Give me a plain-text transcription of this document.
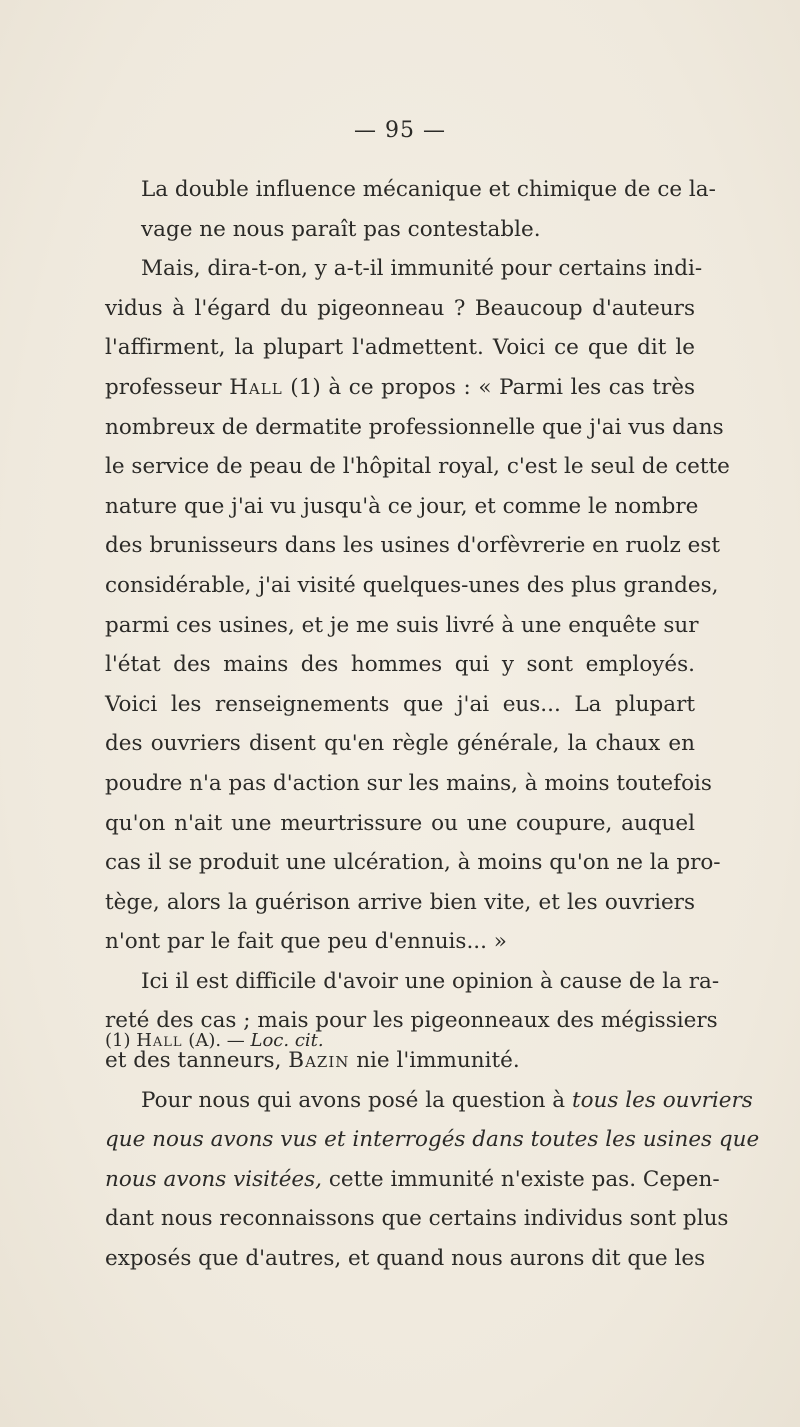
— 95 —

La double influence mécanique et chimique de ce la-
vage ne nous paraît pas contestable.

Mais, dira-t-on, y a-t-il immunité pour certains indi-
vidus à l'égard du pigeonneau ? Beaucoup d'auteurs
l'affirment, la plupart l'admettent. Voici ce que dit le
professeur Hall (1) à ce propos : « Parmi les cas très
nombreux de dermatite professionnelle que j'ai vus dans
le service de peau de l'hôpital royal, c'est le seul de cette
nature que j'ai vu jusqu'à ce jour, et comme le nombre
des brunisseurs dans les usines d'orfèvrerie en ruolz est
considérable, j'ai visité quelques-unes des plus grandes,
parmi ces usines, et je me suis livré à une enquête sur
l'état des mains des hommes qui y sont employés.
Voici les renseignements que j'ai eus... La plupart
des ouvriers disent qu'en règle générale, la chaux en
poudre n'a pas d'action sur les mains, à moins toutefois
qu'on n'ait une meurtrissure ou une coupure, auquel
cas il se produit une ulcération, à moins qu'on ne la pro-
tège, alors la guérison arrive bien vite, et les ouvriers
n'ont par le fait que peu d'ennuis... »

Ici il est difficile d'avoir une opinion à cause de la ra-
reté des cas ; mais pour les pigeonneaux des mégissiers
et des tanneurs, Bazin nie l'immunité.

Pour nous qui avons posé la question à tous les ouvriers
que nous avons vus et interrogés dans toutes les usines que
nous avons visitées, cette immunité n'existe pas. Cepen-
dant nous reconnaissons que certains individus sont plus
exposés que d'autres, et quand nous aurons dit que les

(1) Hall (A). — Loc. cit.
